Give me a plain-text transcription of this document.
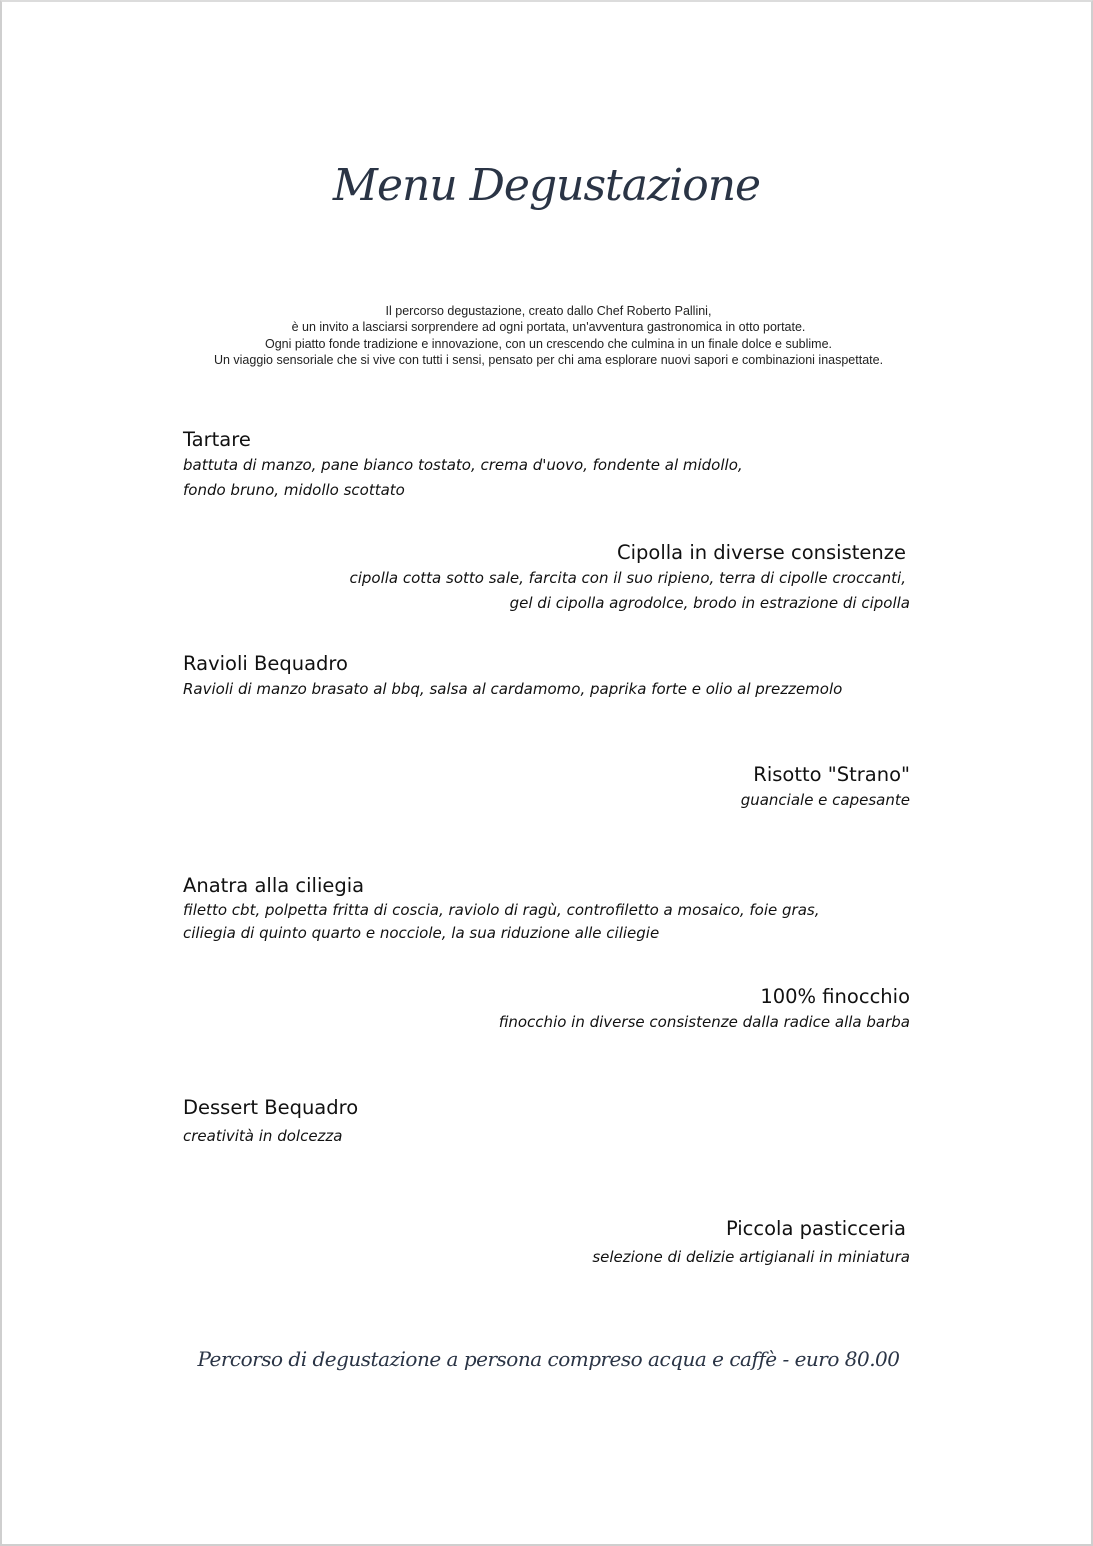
Menu Degustazione
Il percorso degustazione, creato dallo Chef Roberto Pallini,
è un invito a lasciarsi sorprendere ad ogni portata, un'avventura gastronomica in otto portate.
Ogni piatto fonde tradizione e innovazione, con un crescendo che culmina in un finale dolce e sublime.
Un viaggio sensoriale che si vive con tutti i sensi, pensato per chi ama esplorare nuovi sapori e combinazioni inaspettate.
Tartare
battuta di manzo, pane bianco tostato, crema d'uovo, fondente al midollo,
fondo bruno, midollo scottato
Cipolla in diverse consistenze
cipolla cotta sotto sale, farcita con il suo ripieno, terra di cipolle croccanti,
gel di cipolla agrodolce, brodo in estrazione di cipolla
Ravioli Bequadro
Ravioli di manzo brasato al bbq, salsa al cardamomo, paprika forte e olio al prezzemolo
Risotto "Strano"
guanciale e capesante
Anatra alla ciliegia
filetto cbt, polpetta fritta di coscia, raviolo di ragù, controfiletto a mosaico, foie gras,
ciliegia di quinto quarto e nocciole, la sua riduzione alle ciliegie
100% finocchio
finocchio in diverse consistenze dalla radice alla barba
Dessert Bequadro
creatività in dolcezza
Piccola pasticceria
selezione di delizie artigianali in miniatura
Percorso di degustazione a persona compreso acqua e caffè - euro 80.00
